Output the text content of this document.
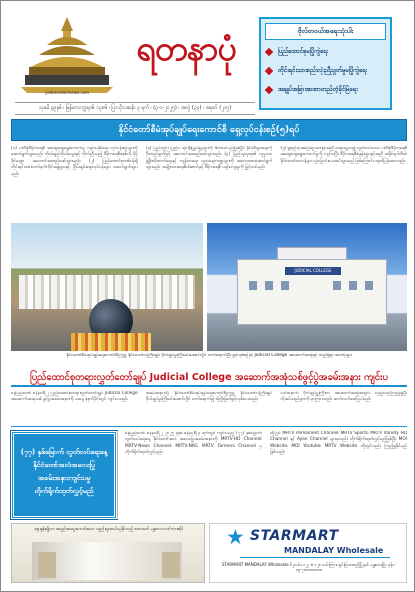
yadanarbonnews.com
ရတနာပုံ	ဗိုလ်တဝယ်အရေးသုံးပါး
ပြည်ထောင်စုမပြိုကွဲရေး
တိုင်းရင်းသားစည်းလုံးညီညွတ်မှုမပြိုကွဲရေး
အချုပ်အခြာအာဏာတည်တံ့ခိုင်မြဲရေး
သုခမိ ၃၉နှစ် ၊ မြန်မာသက္ကရာဇ် ၁၃၈၆ ၊ ပြာသိုလဆန်း ၃ ရက် ၊ (၃-၁-၂၀၂၅) ၊ အတွဲ (၃၃) ၊ အမှတ် (၂၁၅)
နိုင်ငံတော်စီမံအုပ်ချုပ်ရေးကောင်စီ ရှေ့လုပ်ငန်းစဉ်(၅)ရပ်
(၁) ပါတီစုံဒီမိုကရေစီ အထွေထွေရွေးကောက်ပွဲ ကျင်းပနိုင်ရေး လုပ်ငန်းစဉ်များကို ဆောင်ရွက်သွားမည်။ ကိုယ်ရည်ကိုယ်သွေးနှင့် ကိုက်ညီသည့် ဒီမိုကရေစီစနစ်ကို ပိုမိုခိုင်မာစွာ အကောင်အထည်ဖော်သွားမည်။ (၂) ပြည်ထောင်စုတစ်ဝန်းရှိ တိုင်းရင်းသားလက်နက်ကိုင်အဖွဲ့များနှင့် ငြိမ်းချမ်းရေးလုပ်ငန်းများ ဆောင်ရွက်သွားမည်။
(၃) ပြည်တွင်း ပြည်ပ ရင်းနှီးမြှုပ်နှံမှုများကို ဖိတ်ခေါ်မည်ဖြစ်ပြီး နိုင်ငံ့စီးပွားရေးကို ဦးတည်ချက်ဖြင့် အကောင်အထည်ဖော်သွားမည်။ (၄) ပြည်သူလူထု၏ လူမှုဘဝ ဖွံ့ဖြိုးတိုးတက်ရေးနှင့် ကျန်းမာရေး ပညာရေးကဏ္ဍများကို အလေးထားဆောင်ရွက်သွားမည်။ အမျိုးသားရေးစိတ်ဓာတ်နှင့် ဒီမိုကရေစီ ယဉ်ကျေးမှုကို မြှင့်တင်မည်။
(၅) ဖွဲ့စည်းပုံအခြေခံဥပဒေနှင့်အညီ တရားမျှတ၍ လွတ်လပ်သော ပါတီစုံဒီမိုကရေစီ အထွေထွေရွေးကောက်ပွဲကို ကျင်းပပြီး ဒီမိုကရေစီစံနှုန်းများနှင့်အညီ အနိုင်ရပါတီထံ နိုင်ငံတော်တာဝန်များ လွှဲပြောင်းပေးအပ်သွားမည် ဖြစ်ကြောင်း ထုတ်ပြန်ထားသည်။
JUDICIAL COLLEGE
နိုင်ငံတော်စီမံအုပ်ချုပ်ရေးကောင်စီဥက္ကဋ္ဌ နိုင်ငံတော်ဝန်ကြီးချုပ် ဗိုလ်ချုပ်မှူးကြီးမင်းအောင်လှိုင် တက်ရောက်ပြီး ဖွင့်လှစ်စဉ်နှင့် Judicial College အဆောက်အအုံနှင့် တည်ရှိရာ ဓာတ်ပုံများ
ပြည်ထောင်စုတရားလွှတ်တော်ချုပ် Judicial College အဆောက်အအုံသစ်ဖွင့်ပွဲအခမ်းအနား ကျင်းပ
နေပြည်တော် ဇန်နဝါရီ ၂ ပြည်ထောင်စုတရားလွှတ်တော်ချုပ် Judicial College အဆောက်အအုံသစ် ဖွင့်ပွဲအခမ်းအနားကို ယနေ့ နံနက်ပိုင်းတွင် ကျင်းပသည်။
အခမ်းအနားသို့ နိုင်ငံတော်စီမံအုပ်ချုပ်ရေးကောင်စီဥက္ကဋ္ဌ နိုင်ငံတော်ဝန်ကြီးချုပ် ဗိုလ်ချုပ်မှူးကြီးမင်းအောင်လှိုင် တက်ရောက်၍ ဖဲကြိုးဖြတ်ဖွင့်လှစ်ပေးသည်။
ယင်းနောက် ဗိုလ်ချုပ်မှူးကြီးက အဆောက်အအုံအတွင်း လှည့်လည်ကြည့်ရှုပြီး လိုအပ်သည်များကို မှာကြားသည်။ ဆက်လက်ဖော်ပြပါမည်။
(၇၇) နှစ်မြောက် လွတ်လပ်ရေးနေ့
နိုင်ငံတော်အလံအလေးပြု
အခမ်းအနားကျင်းပမှု
တိုက်ရိုက်ထုတ်လွှင့်မည်
နေပြည်တော် ဇန်နဝါရီ ၂ ၂၀၂၅ ခုနှစ် ဇန်နဝါရီ ၄ ရက်တွင် ကျင်းပမည့် (၇၇) နှစ်မြောက် လွတ်လပ်ရေးနေ့ နိုင်ငံတော်အလံ အလေးပြုအခမ်းအနားကို MRTV-HD Channel၊ MRTV-News Channel၊ MRTV-NRC၊ MRTV Farmers Channel မှ တိုက်ရိုက်ထုတ်လွှင့်မည်။
ထို့ပြင် MRTV Parliament Channel၊ MRTV Sports၊ MRTV Variety HD Channel နှင့် Ayan Channel များမှလည်း တိုက်ရိုက်ထုတ်လွှင့်မည်ဖြစ်ပြီး MOI Website၊ MOI Youtube၊ MRTV Website တို့တွင်လည်း ကြည့်ရှုနိုင်မည်ဖြစ်သည်။
ဈေးနှုန်းချိုသာ အရည်အသွေးကောင်းသော ပစ္စည်းများဝယ်ယူနိုင်သည့် စတားမတ် မန္တလေး လက်ကားဆိုင်	★ STARMART
MANDALAY Wholesale
STARMART MANDALAY Wholesale ၆၂လမ်း၊ ၁၂၇ x ၁၂၈ လမ်းကြား၊ ချမ်းမြသာစည်မြို့နယ်၊ မန္တလေးမြို့။ ဖုန်း - ၀၉-၇၈၈၈၈၈၈၈၈
